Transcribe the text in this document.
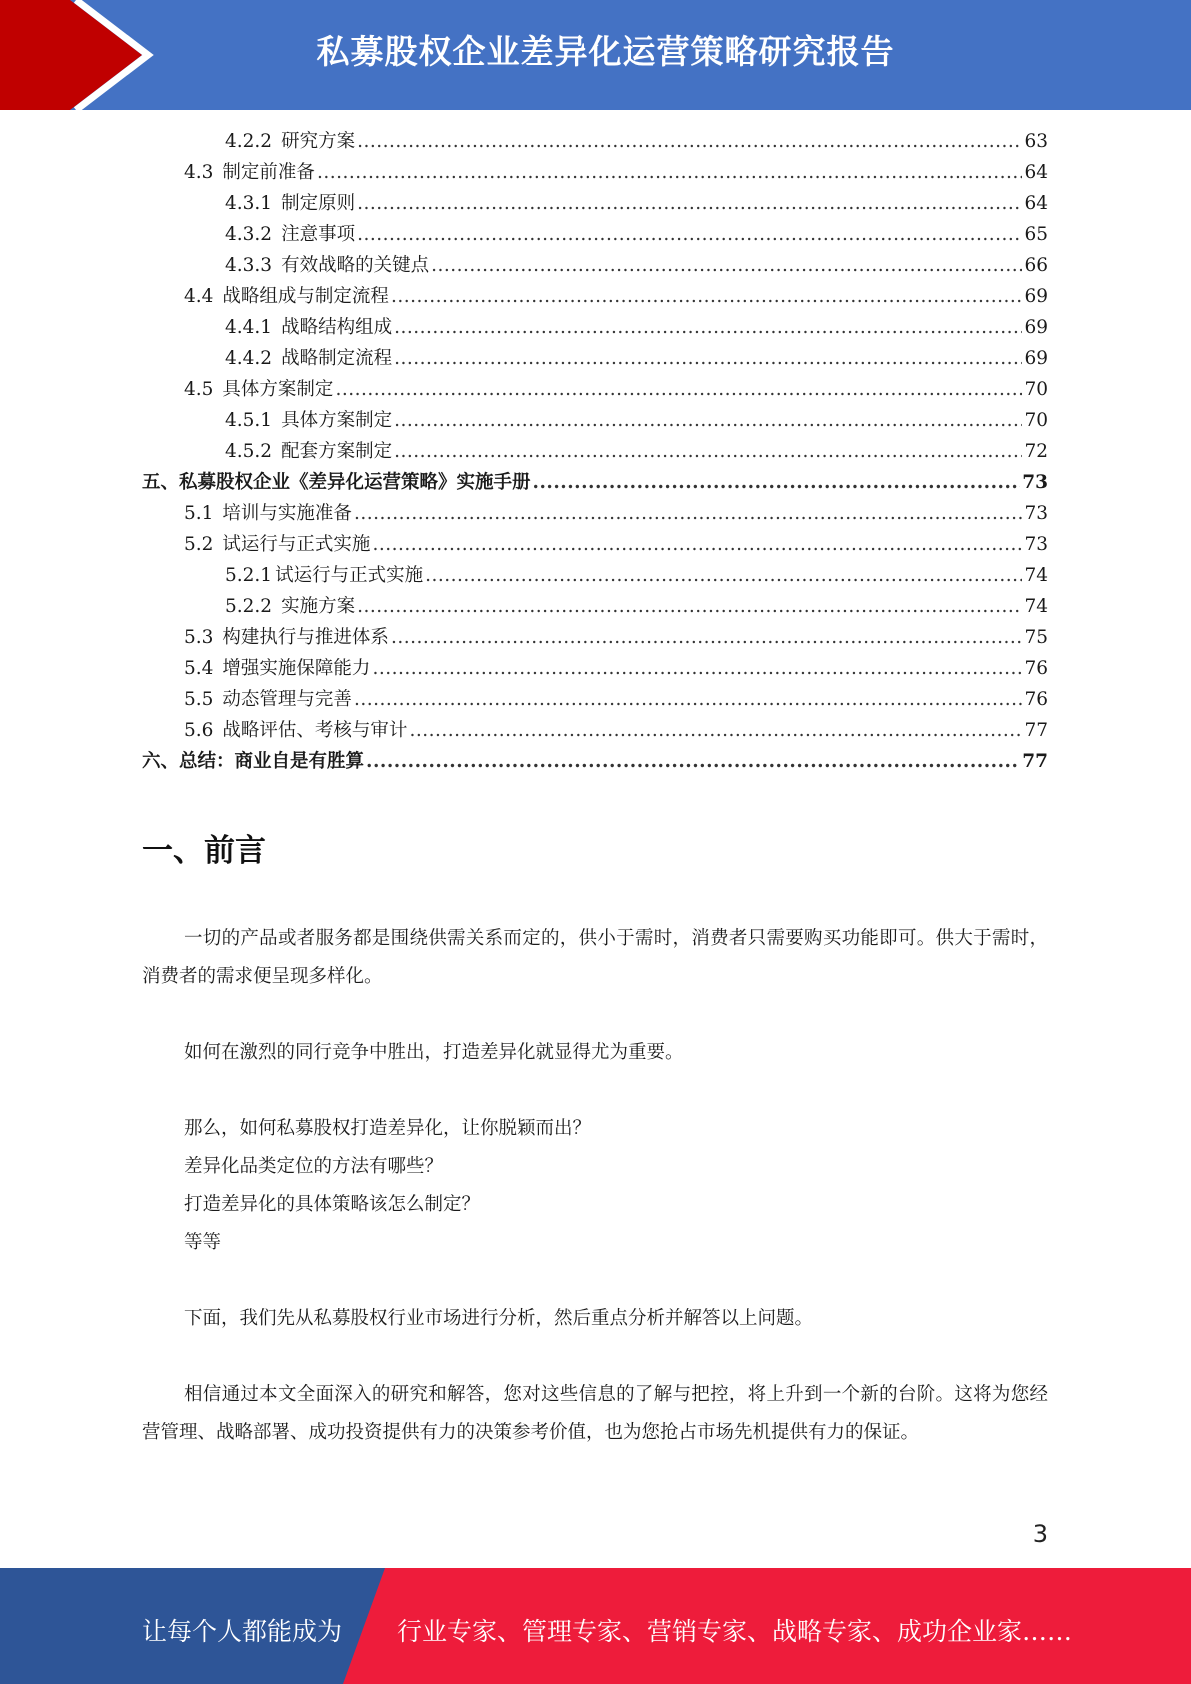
私募股权企业差异化运营策略研究报告
4.2.2 研究方案 .....	63
4.3 制定前准备 .....	64
4.3.1 制定原则 .....	64
4.3.2 注意事项 .....	65
4.3.3 有效战略的关键点 .....	66
4.4 战略组成与制定流程 .....	69
4.4.1 战略结构组成 .....	69
4.4.2 战略制定流程 .....	69
4.5 具体方案制定 .....	70
4.5.1 具体方案制定 .....	70
4.5.2 配套方案制定 .....	72
五、私募股权企业《差异化运营策略》实施手册 .....	73
5.1 培训与实施准备 .....	73
5.2 试运行与正式实施 .....	73
5.2.1 试运行与正式实施 .....	74
5.2.2 实施方案 .....	74
5.3 构建执行与推进体系 .....	75
5.4 增强实施保障能力 .....	76
5.5 动态管理与完善 .....	76
5.6 战略评估、考核与审计 .....	77
六、总结：商业自是有胜算 .....	77
一、前言
一切的产品或者服务都是围绕供需关系而定的，供小于需时，消费者只需要购买功能即可。供大于需时，消费者的需求便呈现多样化。
如何在激烈的同行竞争中胜出，打造差异化就显得尤为重要。
那么，如何私募股权打造差异化，让你脱颖而出？
差异化品类定位的方法有哪些？
打造差异化的具体策略该怎么制定？
等等
下面，我们先从私募股权行业市场进行分析，然后重点分析并解答以上问题。
相信通过本文全面深入的研究和解答，您对这些信息的了解与把控，将上升到一个新的台阶。这将为您经营管理、战略部署、成功投资提供有力的决策参考价值，也为您抢占市场先机提供有力的保证。
3
让每个人都能成为 行业专家、管理专家、营销专家、战略专家、成功企业家……
